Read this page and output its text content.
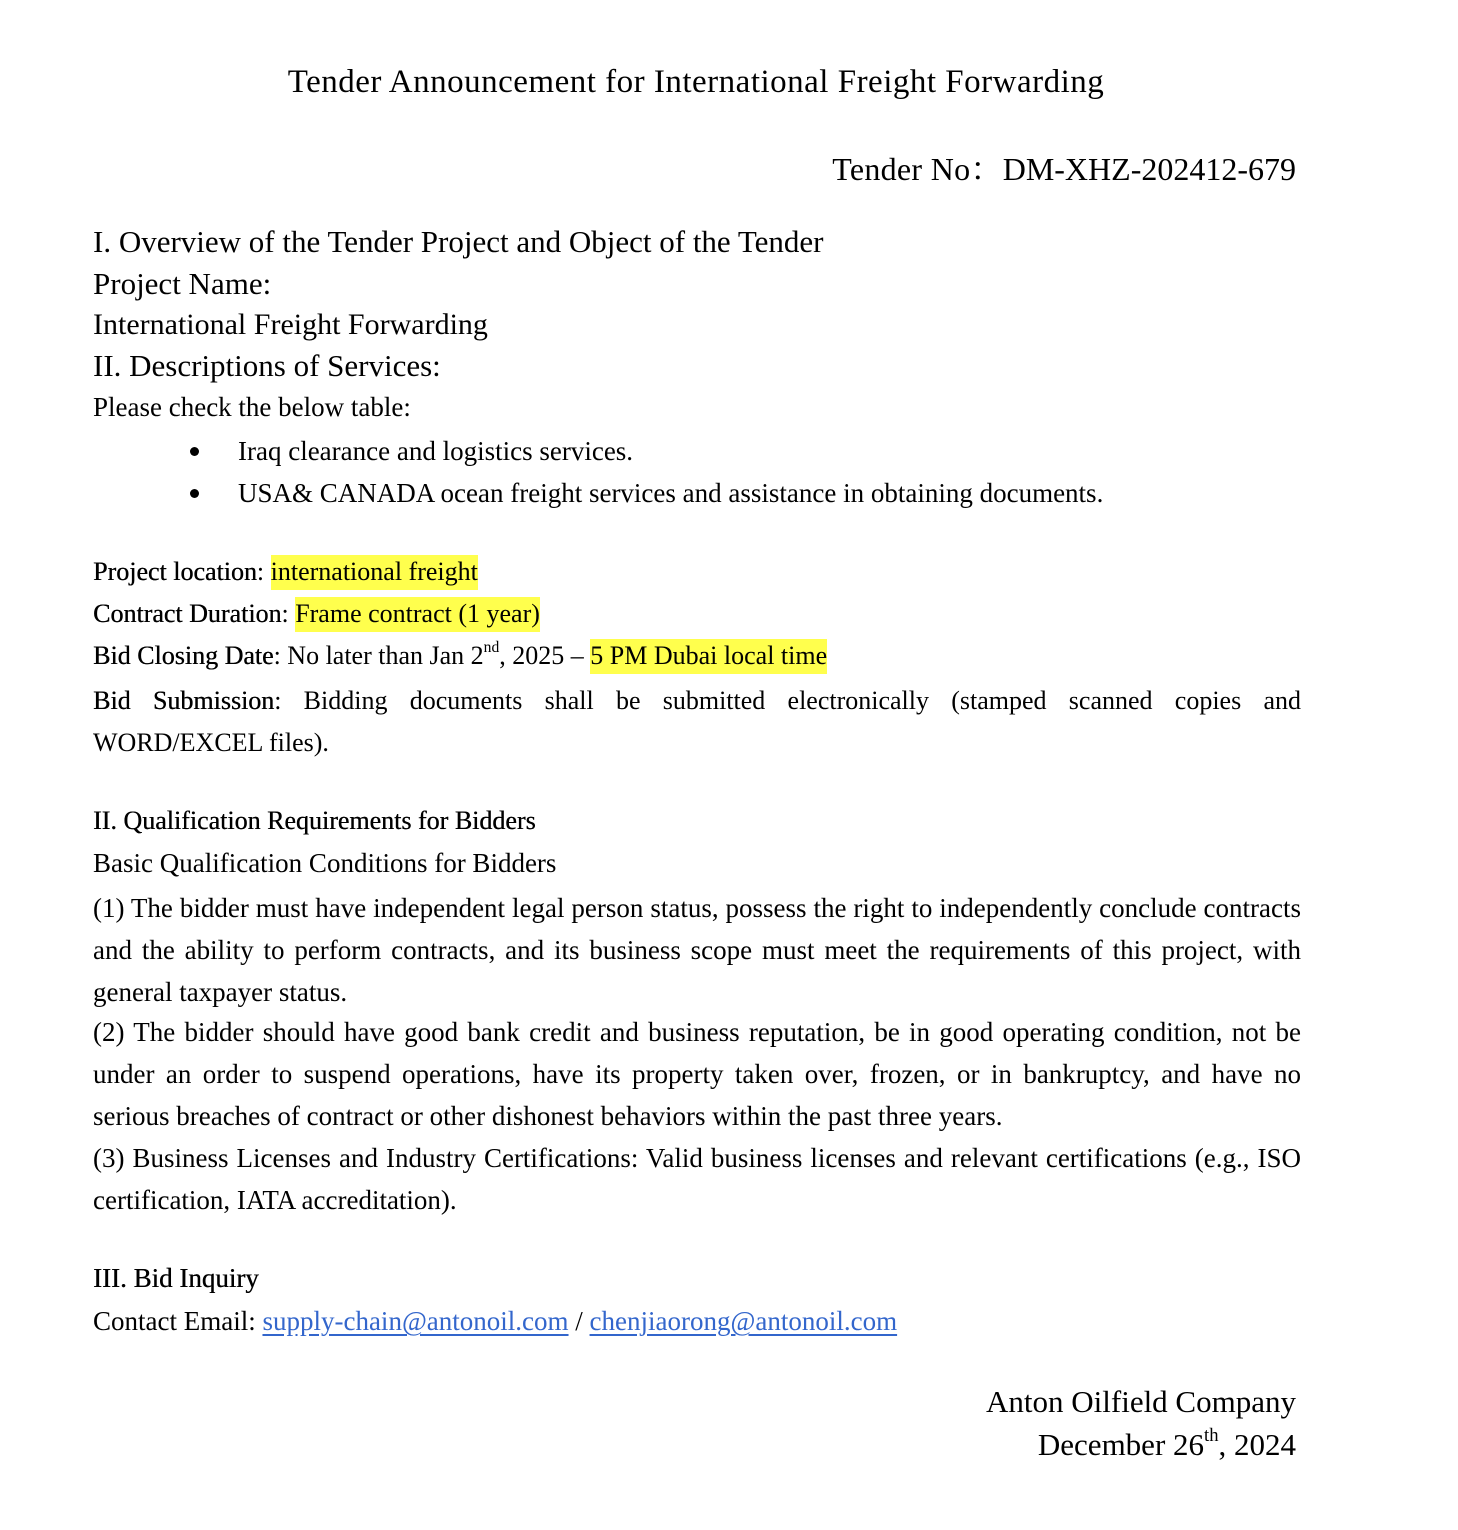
Tender Announcement for International Freight Forwarding
Tender No：DM-XHZ-202412-679
I. Overview of the Tender Project and Object of the Tender
Project Name:
International Freight Forwarding
II. Descriptions of Services:
Please check the below table:
Iraq clearance and logistics services.
USA& CANADA ocean freight services and assistance in obtaining documents.
Project location: international freight
Contract Duration: Frame contract (1 year)
Bid Closing Date: No later than Jan 2nd, 2025 – 5 PM Dubai local time
Bid Submission: Bidding documents shall be submitted electronically (stamped scanned copies and WORD/EXCEL files).
II. Qualification Requirements for Bidders
Basic Qualification Conditions for Bidders
(1) The bidder must have independent legal person status, possess the right to independently conclude contracts and the ability to perform contracts, and its business scope must meet the requirements of this project, with general taxpayer status.
(2) The bidder should have good bank credit and business reputation, be in good operating condition, not be under an order to suspend operations, have its property taken over, frozen, or in bankruptcy, and have no serious breaches of contract or other dishonest behaviors within the past three years.
(3) Business Licenses and Industry Certifications: Valid business licenses and relevant certifications (e.g., ISO certification, IATA accreditation).
III. Bid Inquiry
Contact Email: supply-chain@antonoil.com / chenjiaorong@antonoil.com
Anton Oilfield Company
December 26th, 2024
